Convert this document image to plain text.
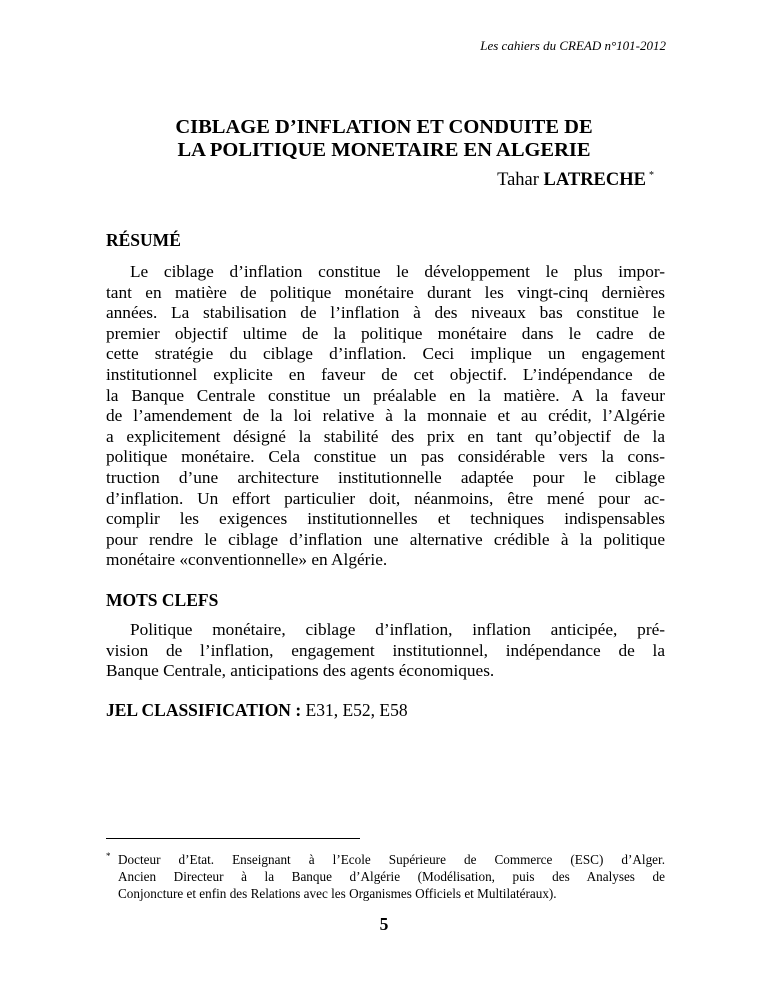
Les cahiers du CREAD n°101-2012
CIBLAGE D’INFLATION ET CONDUITE DE
LA POLITIQUE MONETAIRE EN ALGERIE
Tahar LATRECHE *
RÉSUMÉ

Le ciblage d’inflation constitue le développement le plus impor-
tant en matière de politique monétaire durant les vingt-cinq dernières
années. La stabilisation de l’inflation à des niveaux bas constitue le
premier objectif ultime de la politique monétaire dans le cadre de
cette stratégie du ciblage d’inflation. Ceci implique un engagement
institutionnel explicite en faveur de cet objectif. L’indépendance de
la Banque Centrale constitue un préalable en la matière. A la faveur
de l’amendement de la loi relative à la monnaie et au crédit, l’Algérie
a explicitement désigné la stabilité des prix en tant qu’objectif de la
politique monétaire. Cela constitue un pas considérable vers la cons-
truction d’une architecture institutionnelle adaptée pour le ciblage
d’inflation. Un effort particulier doit, néanmoins, être mené pour ac-
complir les exigences institutionnelles et techniques indispensables
pour rendre le ciblage d’inflation une alternative crédible à la politique
monétaire «conventionnelle» en Algérie.

MOTS CLEFS

Politique monétaire, ciblage d’inflation, inflation anticipée, pré-
vision de l’inflation, engagement institutionnel, indépendance de la
Banque Centrale, anticipations des agents économiques.

JEL CLASSIFICATION : E31, E52, E58
* Docteur d’Etat. Enseignant à l’Ecole Supérieure de Commerce (ESC) d’Alger.
Ancien Directeur à la Banque d’Algérie (Modélisation, puis des Analyses de
Conjoncture et enfin des Relations avec les Organismes Officiels et Multilatéraux).
5
